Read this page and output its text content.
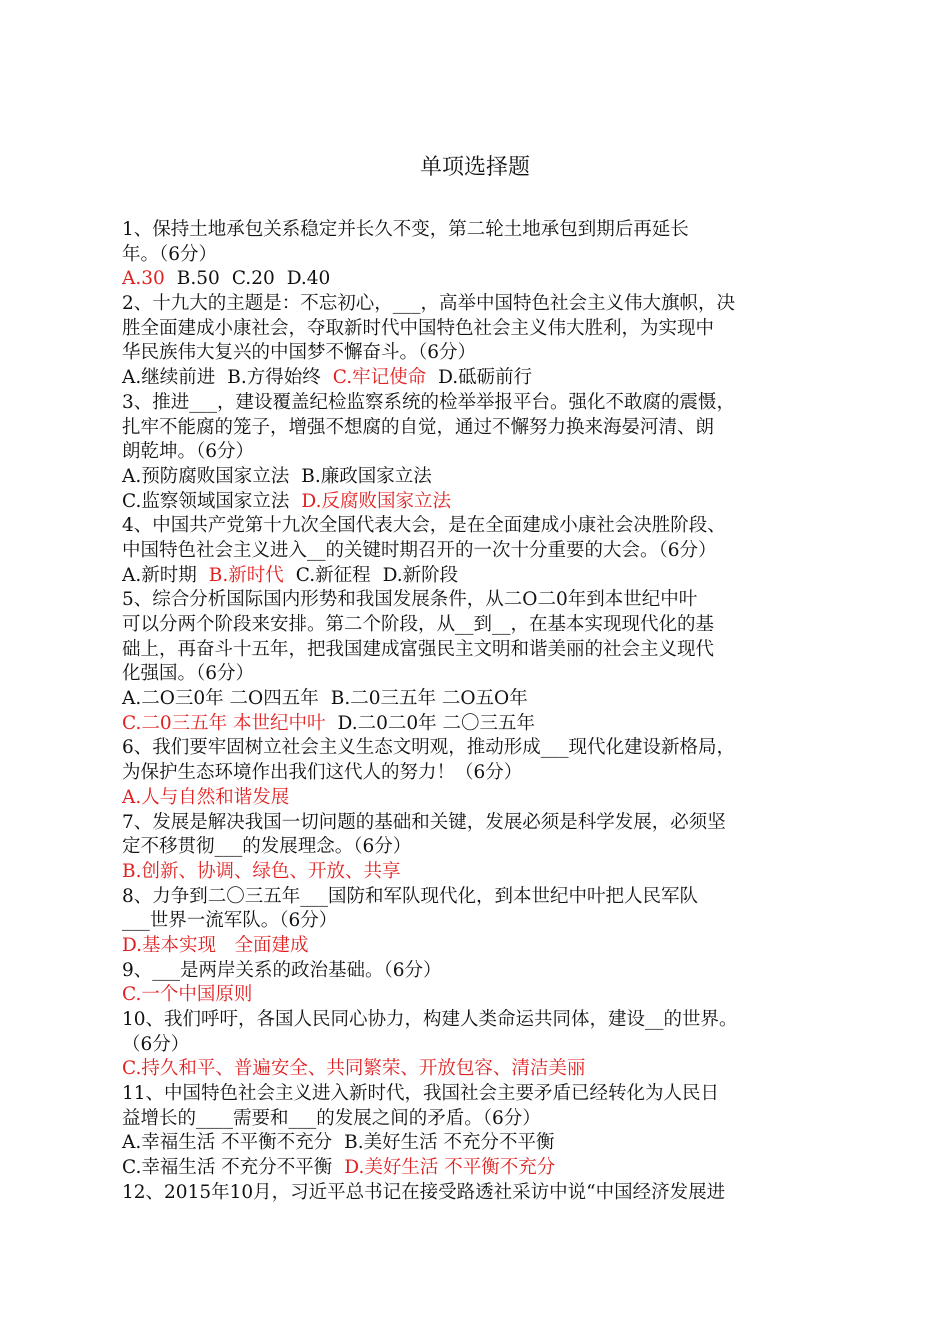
单项选择题
1、保持土地承包关系稳定并长久不变，第二轮土地承包到期后再延长
年。（6分）
A.30 B.50 C.20 D.40
2、十九大的主题是：不忘初心，___，高举中国特色社会主义伟大旗帜，决
胜全面建成小康社会，夺取新时代中国特色社会主义伟大胜利，为实现中
华民族伟大复兴的中国梦不懈奋斗。（6分）
A.继续前进 B.方得始终 C.牢记使命 D.砥砺前行
3、推进___，建设覆盖纪检监察系统的检举举报平台。强化不敢腐的震慑，
扎牢不能腐的笼子，增强不想腐的自觉，通过不懈努力换来海晏河清、朗
朗乾坤。（6分）
A.预防腐败国家立法 B.廉政国家立法
C.监察领域国家立法 D.反腐败国家立法
4、中国共产党第十九次全国代表大会，是在全面建成小康社会决胜阶段、
中国特色社会主义进入__的关键时期召开的一次十分重要的大会。（6分）
A.新时期 B.新时代 C.新征程 D.新阶段
5、综合分析国际国内形势和我国发展条件，从二O二0年到本世纪中叶
可以分两个阶段来安排。第二个阶段，从__到__，在基本实现现代化的基
础上，再奋斗十五年，把我国建成富强民主文明和谐美丽的社会主义现代
化强国。（6分）
A.二O三0年 二O四五年 B.二0三五年 二O五O年
C.二0三五年 本世纪中叶 D.二0二0年 二〇三五年
6、我们要牢固树立社会主义生态文明观，推动形成___现代化建设新格局，
为保护生态环境作出我们这代人的努力！（6分）
A.人与自然和谐发展
7、发展是解决我国一切问题的基础和关键，发展必须是科学发展，必须坚
定不移贯彻___的发展理念。（6分）
B.创新、协调、绿色、开放、共享
8、力争到二〇三五年___国防和军队现代化，到本世纪中叶把人民军队
___世界一流军队。（6分）
D.基本实现　全面建成
9、___是两岸关系的政治基础。（6分）
C.一个中国原则
10、我们呼吁，各国人民同心协力，构建人类命运共同体，建设__的世界。
（6分）
C.持久和平、普遍安全、共同繁荣、开放包容、清洁美丽
11、中国特色社会主义进入新时代，我国社会主要矛盾已经转化为人民日
益增长的____需要和___的发展之间的矛盾。（6分）
A.幸福生活 不平衡不充分 B.美好生活 不充分不平衡
C.幸福生活 不充分不平衡 D.美好生活 不平衡不充分
12、2015年10月，习近平总书记在接受路透社采访中说“中国经济发展进
